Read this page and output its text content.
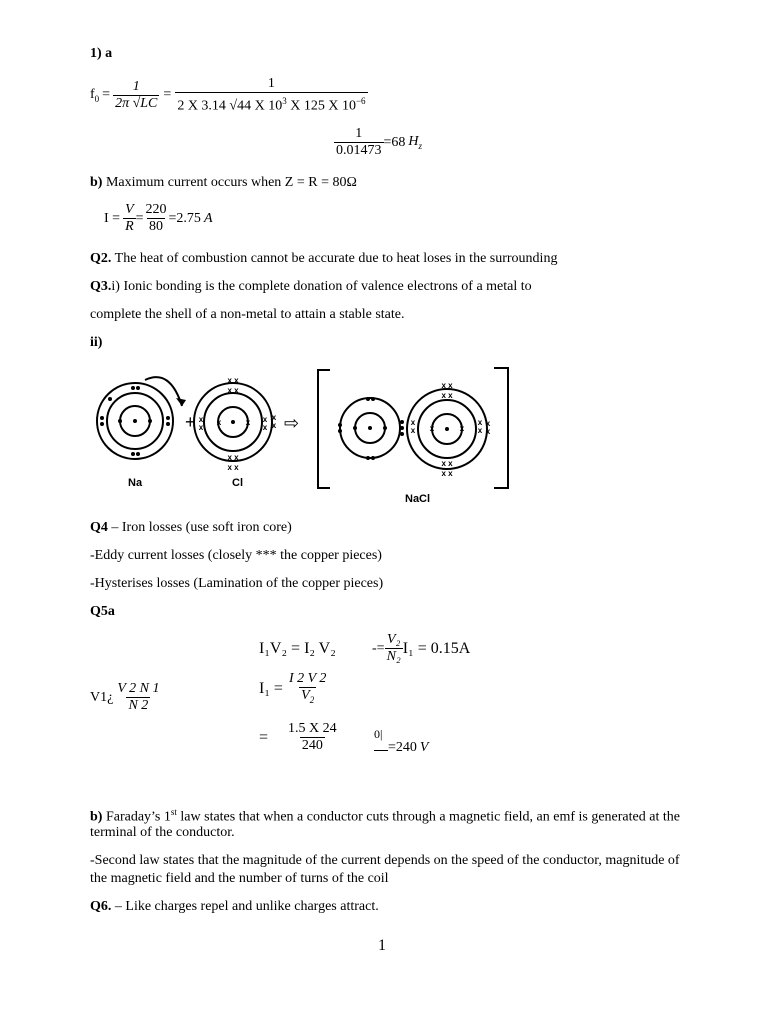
1) a
$f_0 = \frac{1}{2\pi √LC} = \frac{1}{2 X 3.14 √44 X 10^3 X 125 X 10^{-6}}$
$\frac{1}{0.01473} =68$ $H_z$
b) Maximum current occurs when Z = R = 80Ω
$I = \frac{V}{R} = \frac{220}{80} =2.75$ A
Q2. The heat of combustion cannot be accurate due to heat loses in the surrounding
Q3.i) Ionic bonding is the complete donation of valence electrons of a metal to
complete the shell of a non-metal to attain a stable state.
ii)
x x
x x
x x
x x
x
x
x
x
x	x
x
x
x x
x x
x x
x x
x
x
x
x
x	x
x
x
+	⇨
Na	Cl
NaCl
Q4 – Iron losses (use soft iron core)
-Eddy current losses (closely *** the copper pieces)
-Hysterises losses (Lamination of the copper pieces)
Q5a
I₁V₂ = I₂ V₂	-= $\frac{\text{V₂}}{\text{N₂}} I_1 = 0.15A$
V1¿ $\frac{V 2 N 1}{N 2}$	$I_1 = \frac{I 2 V 2}{V_2}$
= $\frac{1.5 X 24}{240}$	0|
=240 V
b) Faraday’s 1st law states that when a conductor cuts through a magnetic field, an emf is generated at the
terminal of the conductor.
-Second law states that the magnitude of the current depends on the speed of the conductor, magnitude of
the magnetic field and the number of turns of the coil
Q6. – Like charges repel and unlike charges attract.
1
